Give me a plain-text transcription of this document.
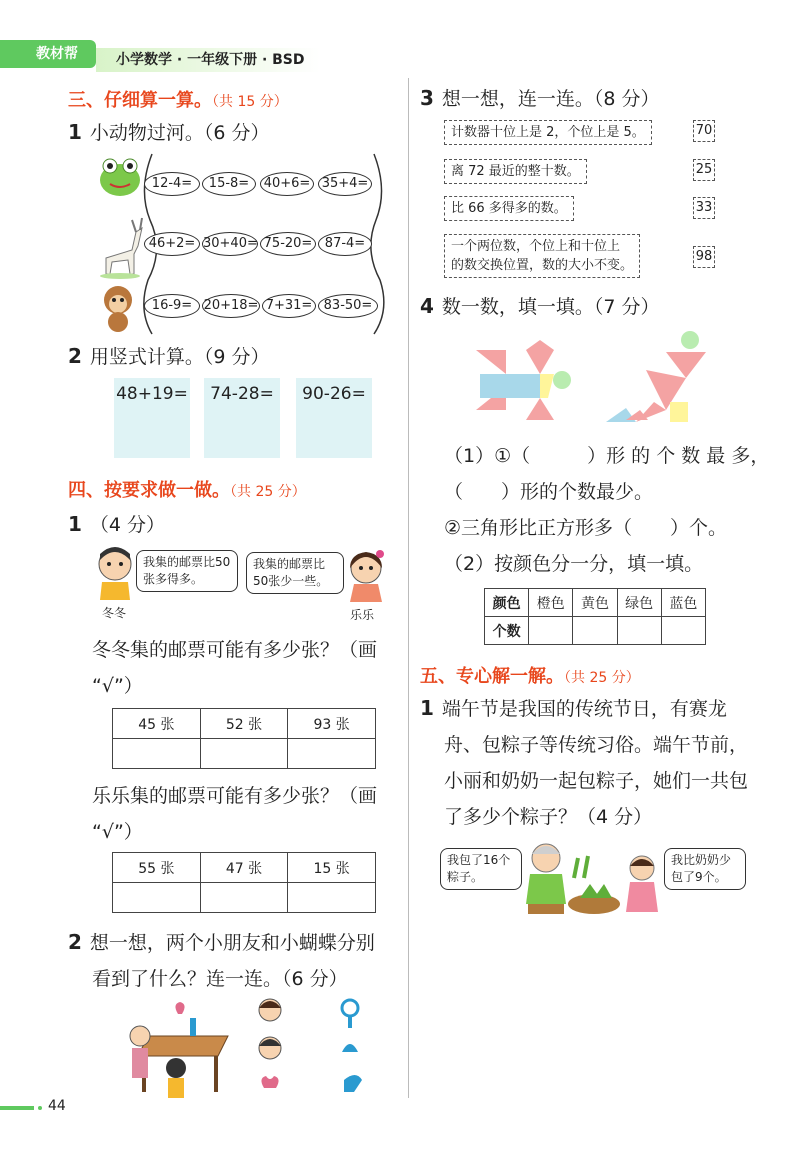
教材帮	小学数学 · 一年级下册 · BSD
三、仔细算一算。（共 15 分）
1 小动物过河。（6 分）
12-4=	15-8=	40+6= 35+4=
46+2= 30+40= 75-20= 87-4=
16-9= 20+18= 7+31= 83-50=
2 用竖式计算。（9 分）
48+19=	74-28=	90-26=
四、按要求做一做。（共 25 分）
1 （4 分）
冬冬
我集的邮票比50张多得多。
我集的邮票比50张少一些。
乐乐
冬冬集的邮票可能有多少张？（画
“√”）
45 张	52 张	93 张

乐乐集的邮票可能有多少张？（画
“√”）
55 张	47 张	15 张

2 想一想，两个小朋友和小蝴蝶分别
看到了什么？连一连。（6 分）
3 想一想，连一连。（8 分）
计数器十位上是 2，个位上是 5。
离 72 最近的整十数。
比 66 多得多的数。
一个两位数，个位上和十位上
的数交换位置，数的大小不变。
70
25
33
98
4 数一数，填一填。（7 分）
（1）①（　　　）形 的 个 数 最 多，
（　　）形的个数最少。
②三角形比正方形多（　　）个。
（2）按颜色分一分，填一填。
颜色	橙色	黄色	绿色	蓝色
个数				
五、专心解一解。（共 25 分）
1 端午节是我国的传统节日，有赛龙
舟、包粽子等传统习俗。端午节前，
小丽和奶奶一起包粽子，她们一共包
了多少个粽子？（4 分）
我包了16个粽子。
我比奶奶少包了9个。
44
